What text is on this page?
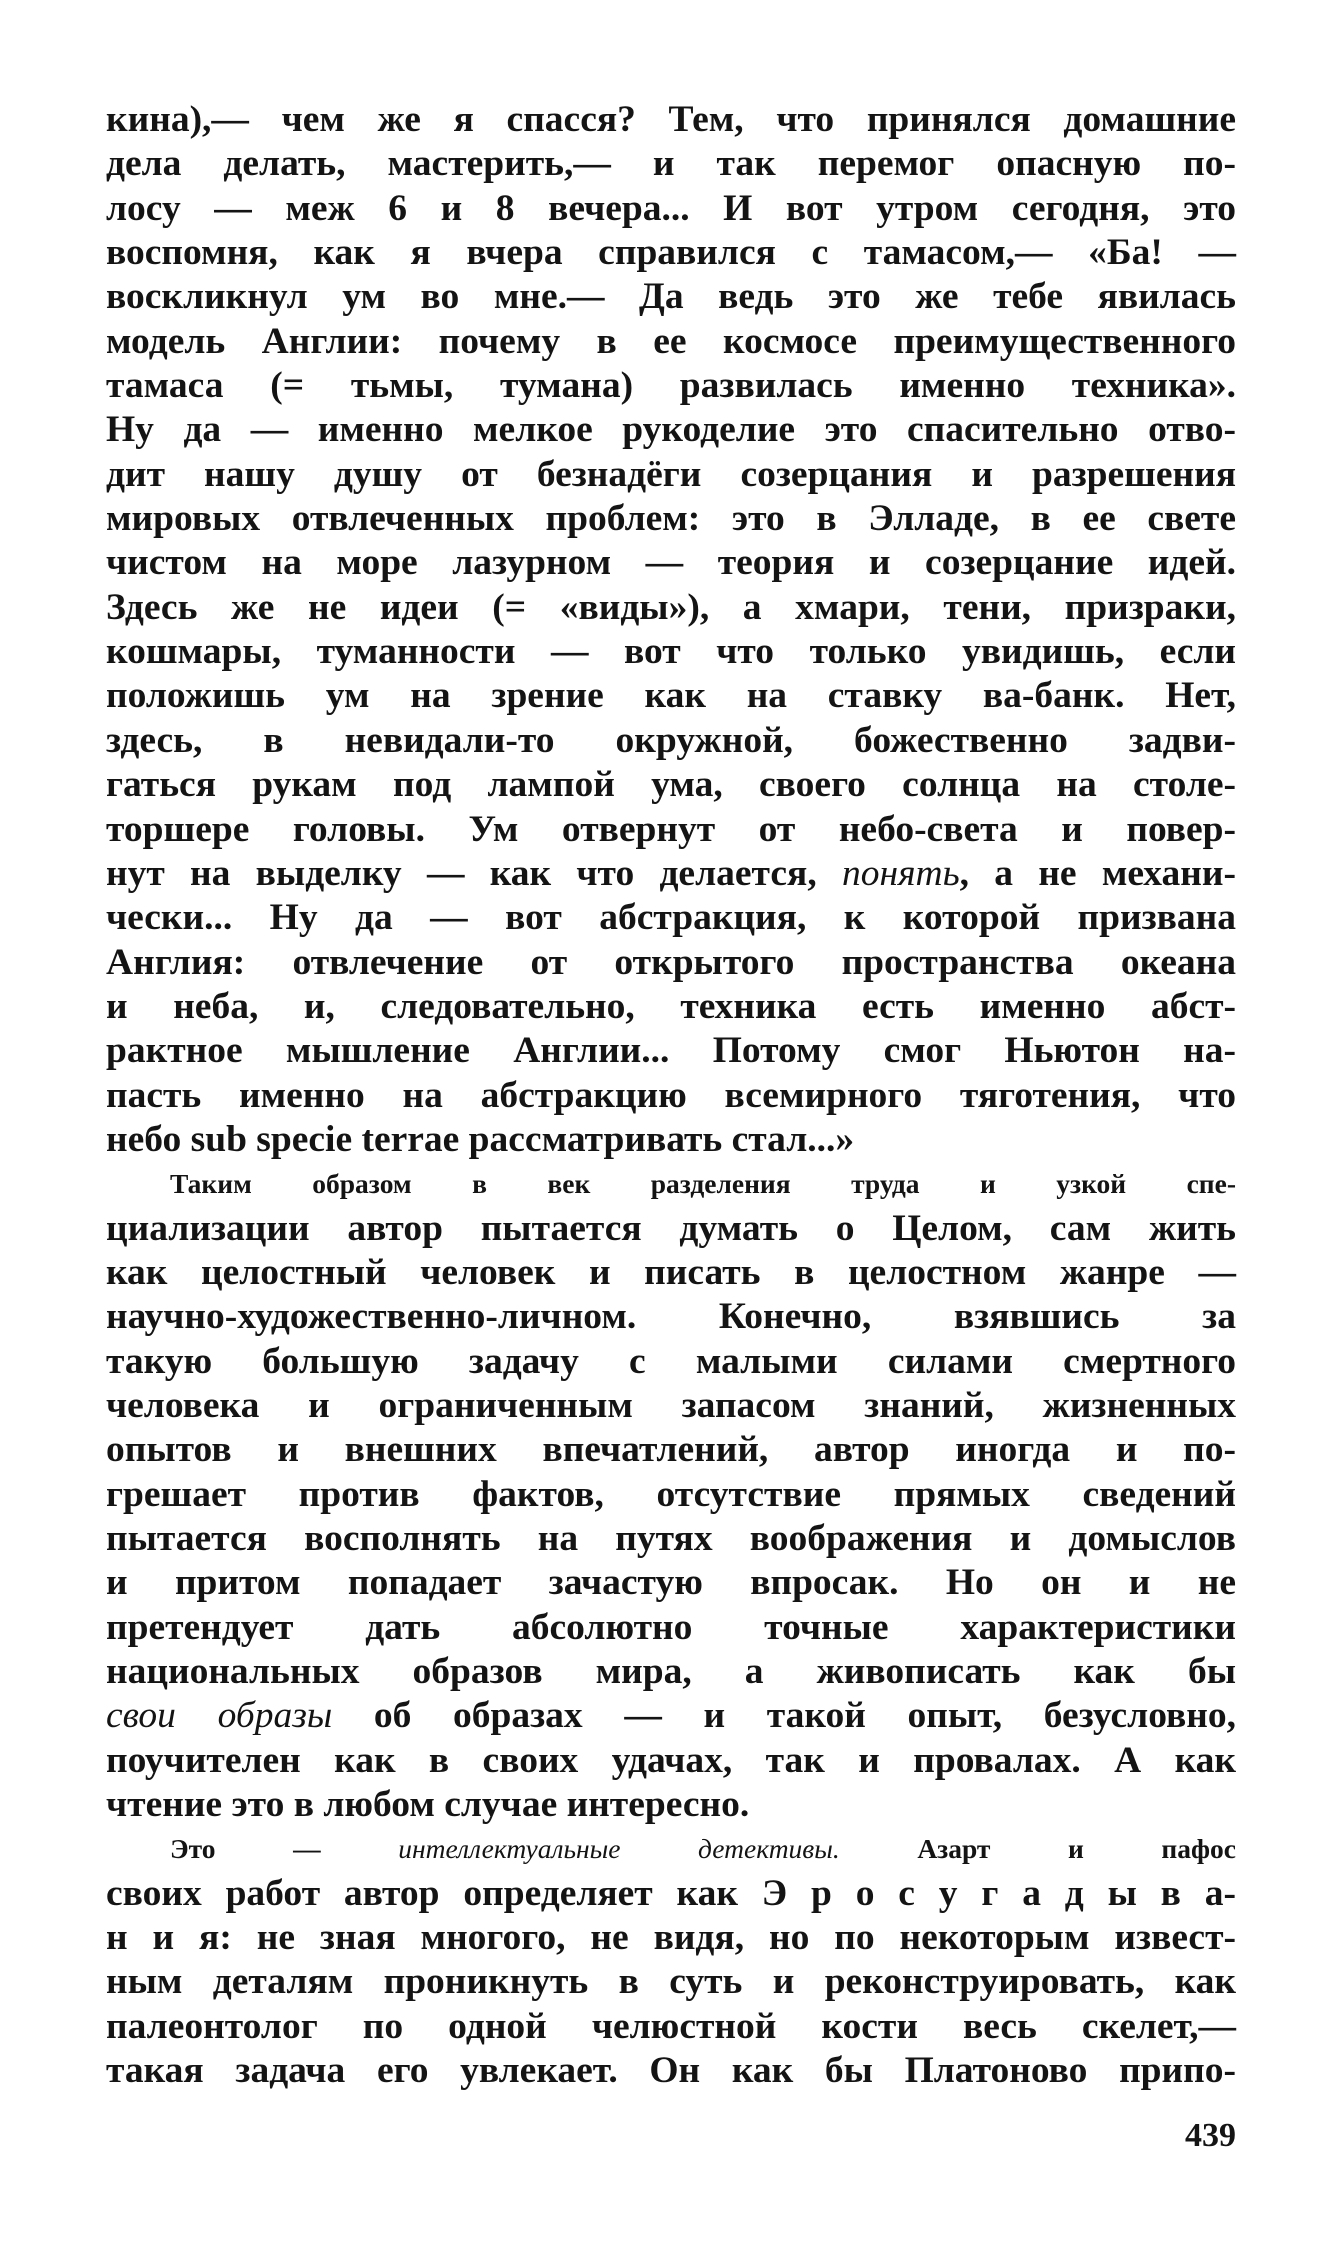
кина),— чем же я спасся? Тем, что принялся домашние
дела делать, мастерить,— и так перемог опасную по-
лосу — меж 6 и 8 вечера... И вот утром сегодня, это
воспомня, как я вчера справился с тамасом,— «Ба! —
воскликнул ум во мне.— Да ведь это же тебе явилась
модель Англии: почему в ее космосе преимущественного
тамаса (= тьмы, тумана) развилась именно техника».
Ну да — именно мелкое рукоделие это спасительно отво-
дит нашу душу от безнадёги созерцания и разрешения
мировых отвлеченных проблем: это в Элладе, в ее свете
чистом на море лазурном — теория и созерцание идей.
Здесь же не идеи (= «виды»), а хмари, тени, призраки,
кошмары, туманности — вот что только увидишь, если
положишь ум на зрение как на ставку ва-банк. Нет,
здесь, в невидали-то окружной, божественно задви-
гаться рукам под лампой ума, своего солнца на столе-
торшере головы. Ум отвернут от небо-света и повер-
нут на выделку — как что делается, понять, а не механи-
чески... Ну да — вот абстракция, к которой призвана
Англия: отвлечение от открытого пространства океана
и неба, и, следовательно, техника есть именно абст-
рактное мышление Англии... Потому смог Ньютон на-
пасть именно на абстракцию всемирного тяготения, что
небо sub specie terrae рассматривать стал...»
Таким образом в век разделения труда и узкой спе-
циализации автор пытается думать о Целом, сам жить
как целостный человек и писать в целостном жанре —
научно-художественно-личном. Конечно, взявшись за
такую большую задачу с малыми силами смертного
человека и ограниченным запасом знаний, жизненных
опытов и внешних впечатлений, автор иногда и по-
грешает против фактов, отсутствие прямых сведений
пытается восполнять на путях воображения и домыслов
и притом попадает зачастую впросак. Но он и не
претендует дать абсолютно точные характеристики
национальных образов мира, а живописать как бы
свои образы об образах — и такой опыт, безусловно,
поучителен как в своих удачах, так и провалах. А как
чтение это в любом случае интересно.
Это — интеллектуальные детективы. Азарт и пафос
своих работ автор определяет как Э р о с у г а д ы в а-
н и я: не зная многого, не видя, но по некоторым извест-
ным деталям проникнуть в суть и реконструировать, как
палеонтолог по одной челюстной кости весь скелет,—
такая задача его увлекает. Он как бы Платоново припо-
439
